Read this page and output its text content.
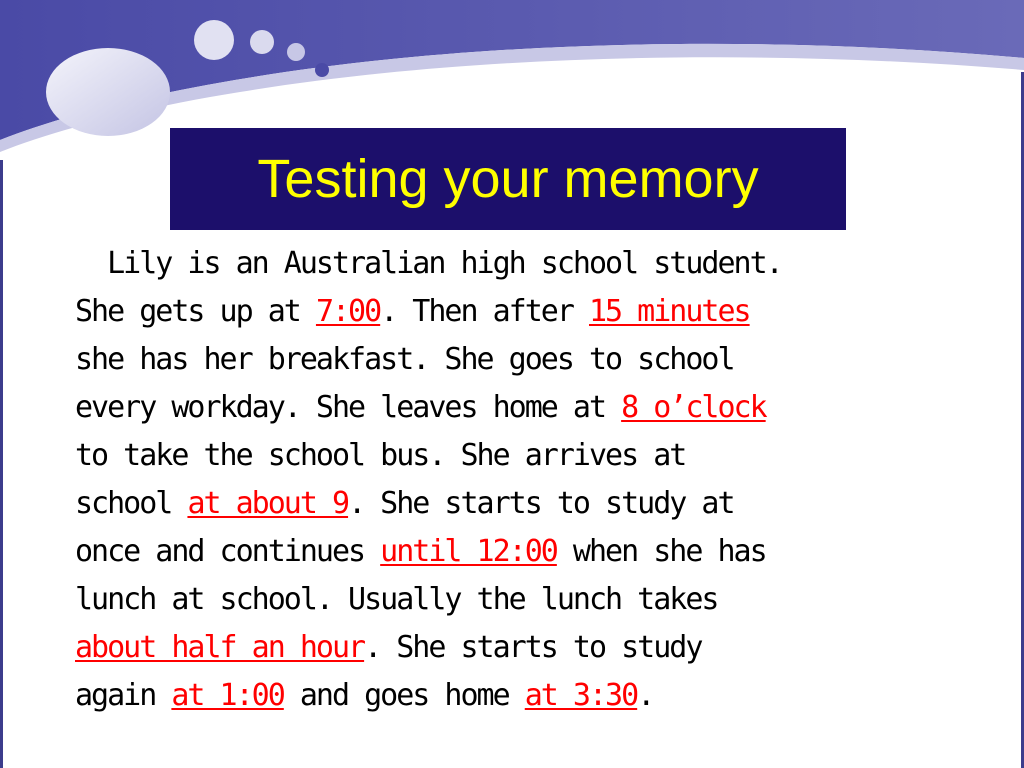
Testing your memory
Lily is an Australian high school student.
She gets up at 7:00. Then after 15 minutes
she has her breakfast. She goes to school
every workday. She leaves home at 8 o’clock
to take the school bus. She arrives at
school at about 9. She starts to study at
once and continues until 12:00 when she has
lunch at school. Usually the lunch takes
about half an hour. She starts to study
again at 1:00 and goes home at 3:30.
